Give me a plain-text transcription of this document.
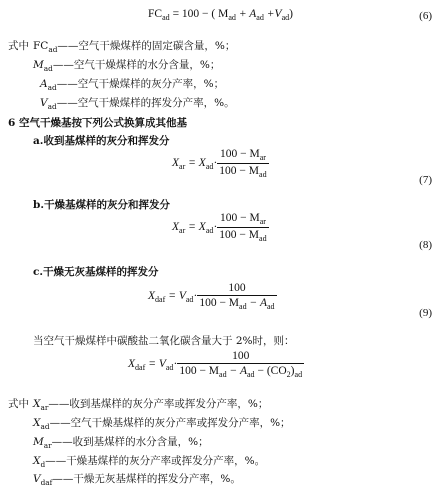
$FC_{ad} = 100$ − ( $M_{ad} + A_{ad} +V_{ad}$)	(6)
式中 $FC_{ad}——$空气干燥煤样的固定碳含量，%；
$M_{ad}——$空气干燥煤样的水分含量，%；
$A_{ad}——$空气干燥煤样的灰分产率，%；
$V_{ad}——$空气干燥煤样的挥发分产率，%。
6 空气干燥基按下列公式换算成其他基
a.收到基煤样的灰分和挥发分
$X_{ar} = X_{ad}\cdot \frac{100 - M_{ar}}{100 - M_{ad}}$
(7)
b.干燥基煤样的灰分和挥发分
$X_{ar} = X_{ad}\cdot \frac{100 - M_{ar}}{100 - M_{ad}}$
(8)
c.干燥无灰基煤样的挥发分
$X_{daf} = V_{ad}\cdot \frac{100}{100 - M_{ad} - A_{ad}}$
(9)
当空气干燥煤样中碳酸盐二氧化碳含量大于 2%时，则：
$X_{daf} = V_{ad}\cdot \frac{100}{100 - M_{ad} - A_{ad} - (CO_2)_{ad}}$
式中 $X_{ar}——$收到基煤样的灰分产率或挥发分产率，%；
$X_{ad}——$空气干燥基煤样的灰分产率或挥发分产率，%；
$M_{ar}——$收到基煤样的水分含量，%；
$X_d——$干燥基煤样的灰分产率或挥发分产率，%。
$V_{daf}——$干燥无灰基煤样的挥发分产率，%。
